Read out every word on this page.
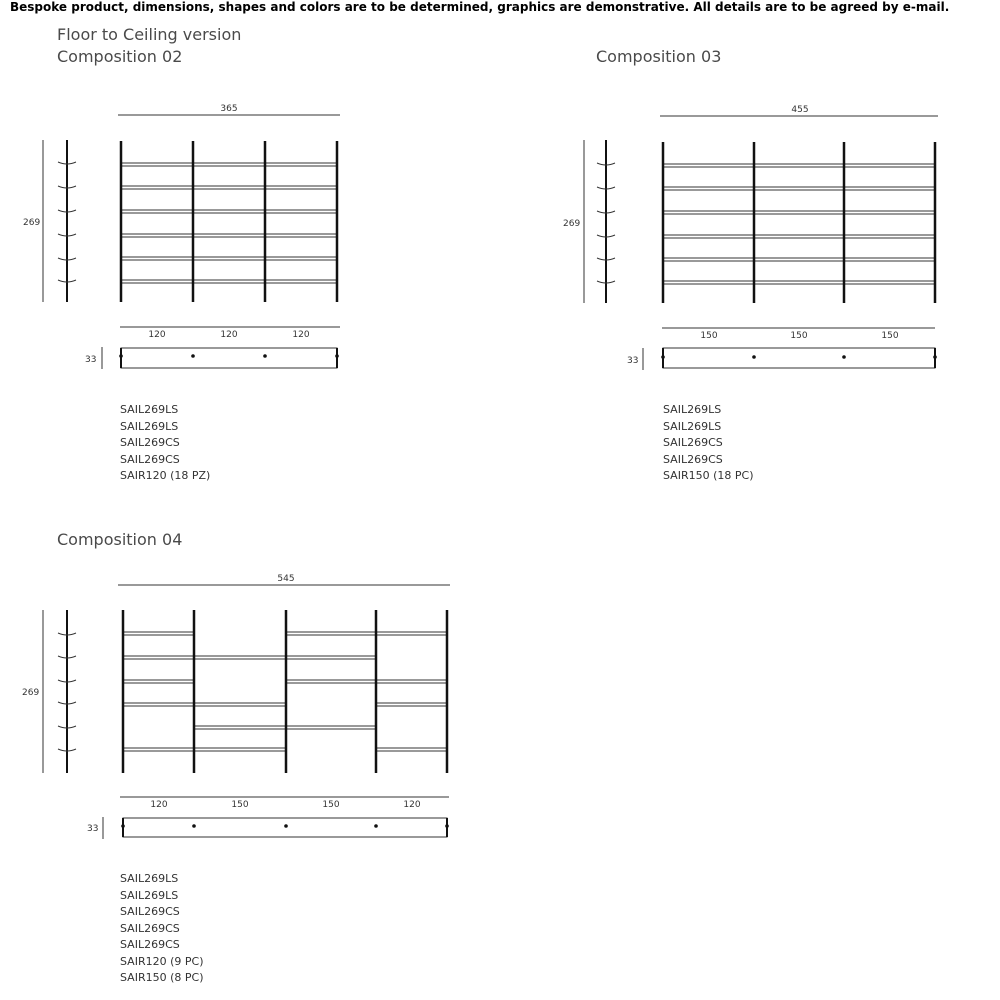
Bespoke product, dimensions, shapes and colors are to be determined, graphics are demonstrative. All details are to be agreed by e-mail.
Floor to Ceiling version
Composition 02	Composition 03
Composition 04
365
269
120	120	120
33
455
269
150	150	150
33
545
269
120	150	150	120
33
SAIL269LS
SAIL269LS
SAIL269CS
SAIL269CS
SAIR120 (18 PZ)
SAIL269LS
SAIL269LS
SAIL269CS
SAIL269CS
SAIR150 (18 PC)
SAIL269LS
SAIL269LS
SAIL269CS
SAIL269CS
SAIL269CS
SAIR120 (9 PC)
SAIR150 (8 PC)
